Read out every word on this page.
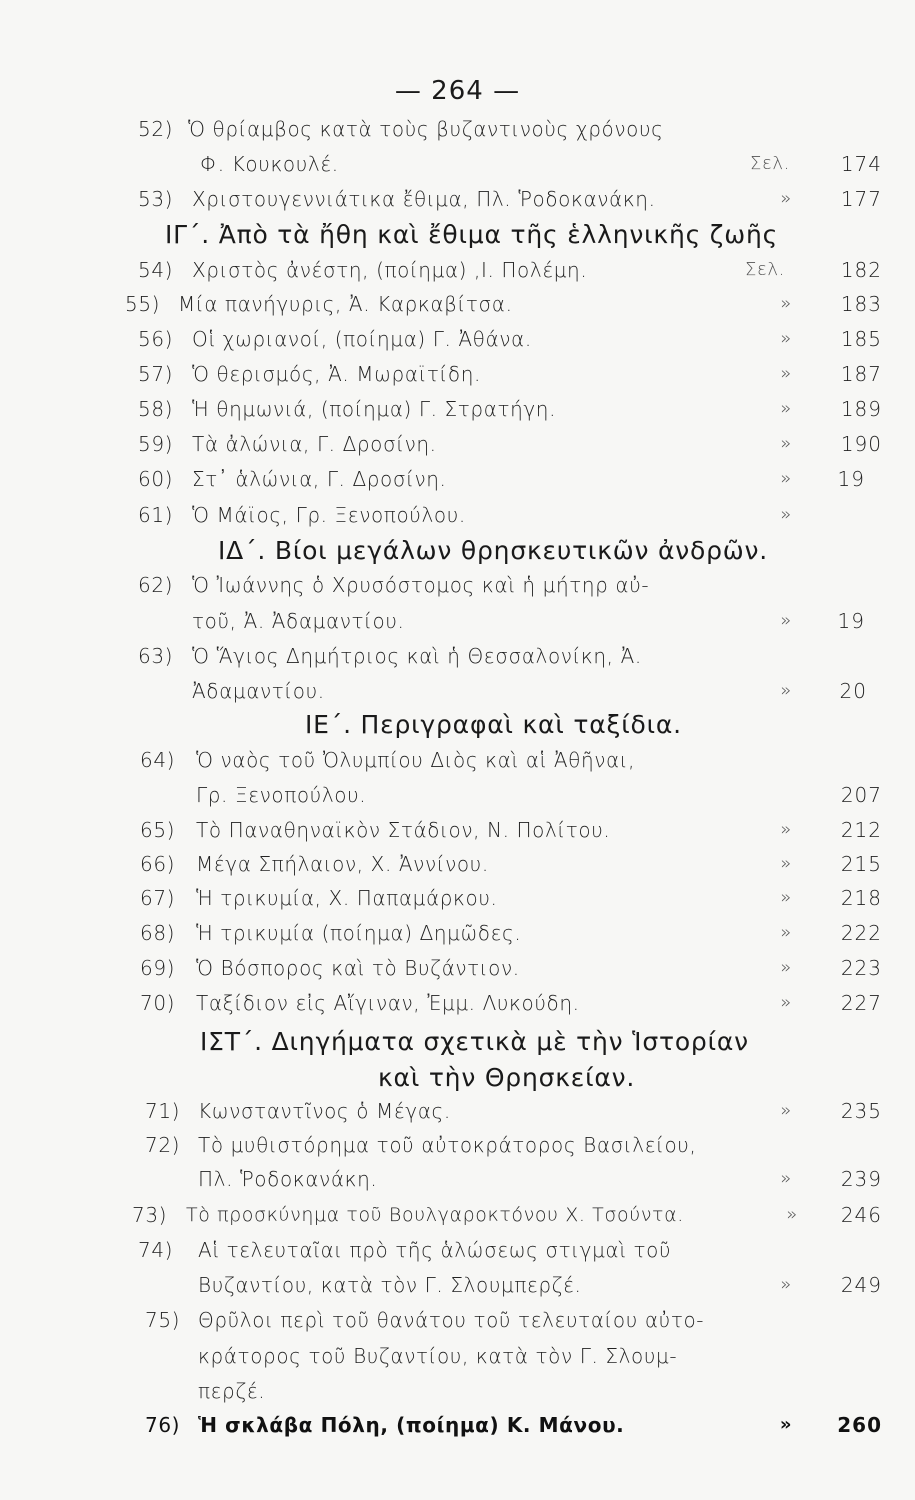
— 264 —
52) Ὁ θρίαμβος κατὰ τοὺς βυζαντινοὺς χρόνους
Φ. Κουκουλέ.	Σελ.	174
53) Χριστουγεννιάτικα ἔθιμα, Πλ. Ῥοδοκανάκη.	»	177
ΙΓ΄. Ἀπὸ τὰ ἤθη καὶ ἔθιμα τῆς ἑλληνικῆς ζωῆς
54) Χριστὸς ἀνέστη, (ποίημα) ,Ι. Πολέμη.	Σελ.	182
55) Μία πανήγυρις, Ἀ. Καρκαβίτσα.	»	183
56) Οἱ χωριανοί, (ποίημα) Γ. Ἀθάνα.	»	185
57) Ὁ θερισμός, Ἀ. Μωραϊτίδη.	»	187
58) Ἡ θημωνιά, (ποίημα) Γ. Στρατήγη.	»	189
59) Τὰ ἀλώνια, Γ. Δροσίνη.	»	190
60) Στ᾿ ἁλώνια, Γ. Δροσίνη.	»	19
61) Ὁ Μάϊος, Γρ. Ξενοπούλου.	»
ΙΔ΄. Βίοι μεγάλων θρησκευτικῶν ἀνδρῶν.
62) Ὁ Ἰωάννης ὁ Χρυσόστομος καὶ ἡ μήτηρ αὐ-
τοῦ, Ἀ. Ἀδαμαντίου.	»	19
63) Ὁ Ἅγιος Δημήτριος καὶ ἡ Θεσσαλονίκη, Ἀ.
Ἀδαμαντίου.	»	20
ΙΕ΄. Περιγραφαὶ καὶ ταξίδια.
64) Ὁ ναὸς τοῦ Ὀλυμπίου Διὸς καὶ αἱ Ἀθῆναι,
Γρ. Ξενοπούλου.	207
65) Τὸ Παναθηναϊκὸν Στάδιον, Ν. Πολίτου.	»	212
66) Μέγα Σπήλαιον, Χ. Ἀννίνου.	»	215
67) Ἡ τρικυμία, Χ. Παπαμάρκου.	»	218
68) Ἡ τρικυμία (ποίημα) Δημῶδες.	»	222
69) Ὁ Βόσπορος καὶ τὸ Βυζάντιον.	»	223
70) Ταξίδιον εἰς Αἴγιναν, Ἐμμ. Λυκούδη.	»	227
ΙΣΤ΄. Διηγήματα σχετικὰ μὲ τὴν Ἱστορίαν
καὶ τὴν Θρησκείαν.
71) Κωνσταντῖνος ὁ Μέγας.	»	235
72) Τὸ μυθιστόρημα τοῦ αὐτοκράτορος Βασιλείου,
Πλ. Ῥοδοκανάκη.	»	239
73) Τὸ προσκύνημα τοῦ Βουλγαροκτόνου Χ. Τσούντα.	»	246
74) Αἱ τελευταῖαι πρὸ τῆς ἁλώσεως στιγμαὶ τοῦ
Βυζαντίου, κατὰ τὸν Γ. Σλουμπερζέ.	»	249
75) Θρῦλοι περὶ τοῦ θανάτου τοῦ τελευταίου αὐτο-
κράτορος τοῦ Βυζαντίου, κατὰ τὸν Γ. Σλουμ-
περζέ.
76) Ἡ σκλάβα Πόλη, (ποίημα) Κ. Μάνου.	»	260
